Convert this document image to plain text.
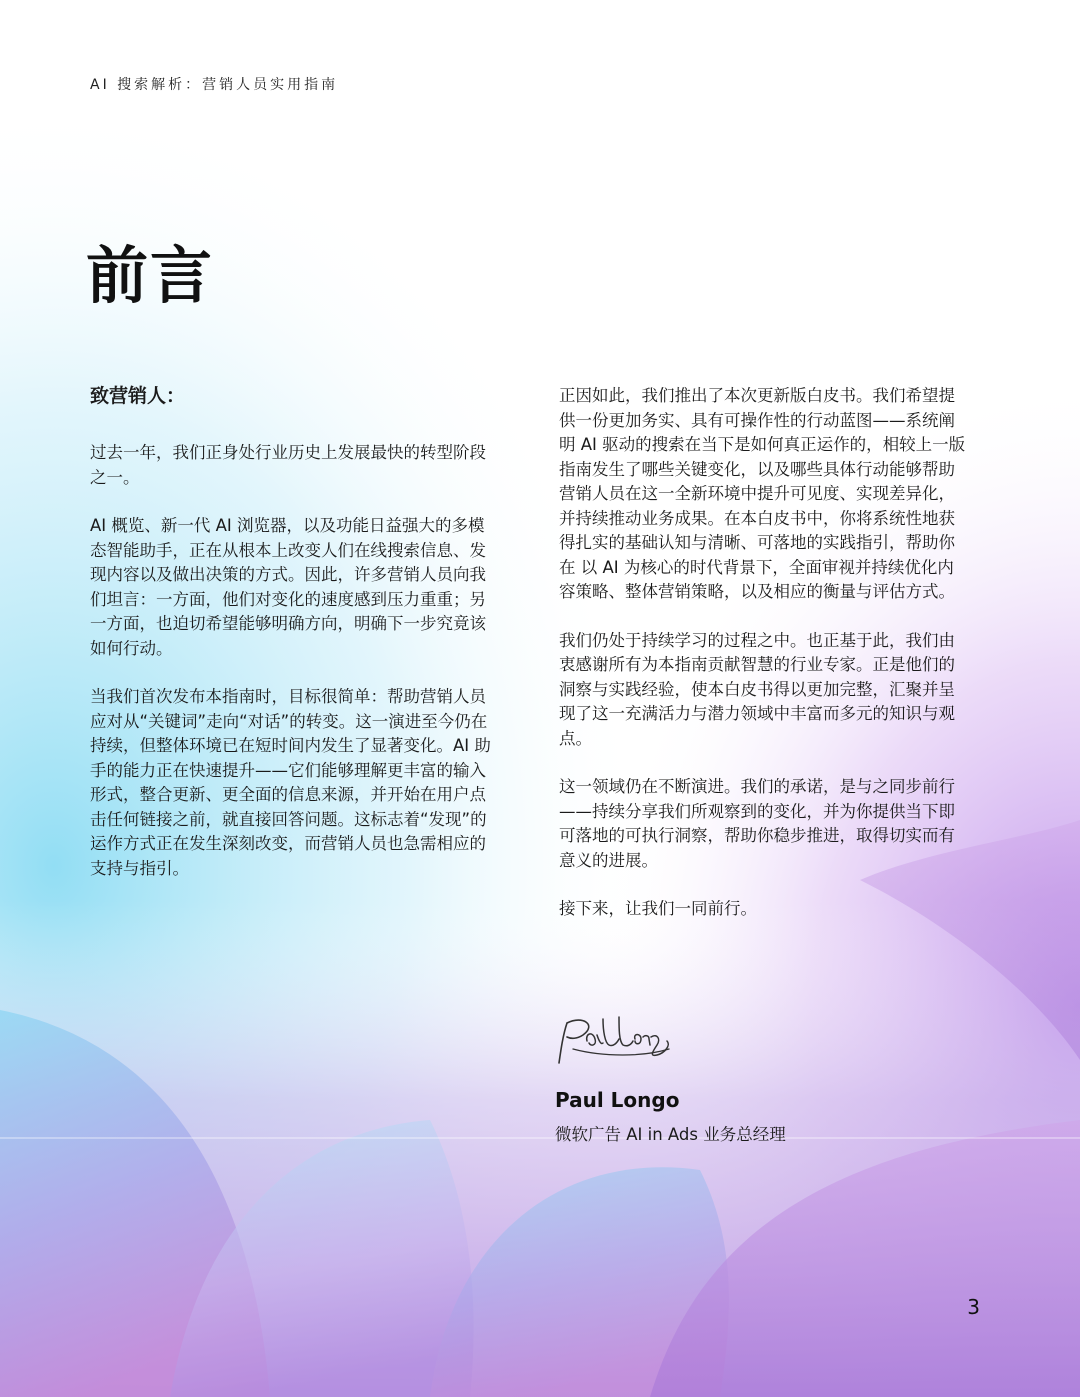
AI 搜索解析：营销人员实用指南
前言

致营销人：

过去一年，我们正身处行业历史上发展最快的转型阶段之一。

AI 概览、新一代 AI 浏览器，以及功能日益强大的多模态智能助手，正在从根本上改变人们在线搜索信息、发现内容以及做出决策的方式。因此，许多营销人员向我们坦言：一方面，他们对变化的速度感到压力重重；另一方面，也迫切希望能够明确方向，明确下一步究竟该如何行动。

当我们首次发布本指南时，目标很简单：帮助营销人员应对从“关键词”走向“对话”的转变。这一演进至今仍在持续，但整体环境已在短时间内发生了显著变化。AI 助手的能力正在快速提升——它们能够理解更丰富的输入形式，整合更新、更全面的信息来源，并开始在用户点击任何链接之前，就直接回答问题。这标志着“发现”的运作方式正在发生深刻改变，而营销人员也急需相应的支持与指引。

正因如此，我们推出了本次更新版白皮书。我们希望提供一份更加务实、具有可操作性的行动蓝图——系统阐明 AI 驱动的搜索在当下是如何真正运作的，相较上一版指南发生了哪些关键变化，以及哪些具体行动能够帮助营销人员在这一全新环境中提升可见度、实现差异化，并持续推动业务成果。在本白皮书中，你将系统性地获得扎实的基础认知与清晰、可落地的实践指引，帮助你在 以 AI 为核心的时代背景下，全面审视并持续优化内容策略、整体营销策略，以及相应的衡量与评估方式。

我们仍处于持续学习的过程之中。也正基于此，我们由衷感谢所有为本指南贡献智慧的行业专家。正是他们的洞察与实践经验，使本白皮书得以更加完整，汇聚并呈现了这一充满活力与潜力领域中丰富而多元的知识与观点。

这一领域仍在不断演进。我们的承诺，是与之同步前行——持续分享我们所观察到的变化，并为你提供当下即可落地的可执行洞察，帮助你稳步推进，取得切实而有意义的进展。

接下来，让我们一同前行。

Paul Longo
微软广告 AI in Ads 业务总经理
3
